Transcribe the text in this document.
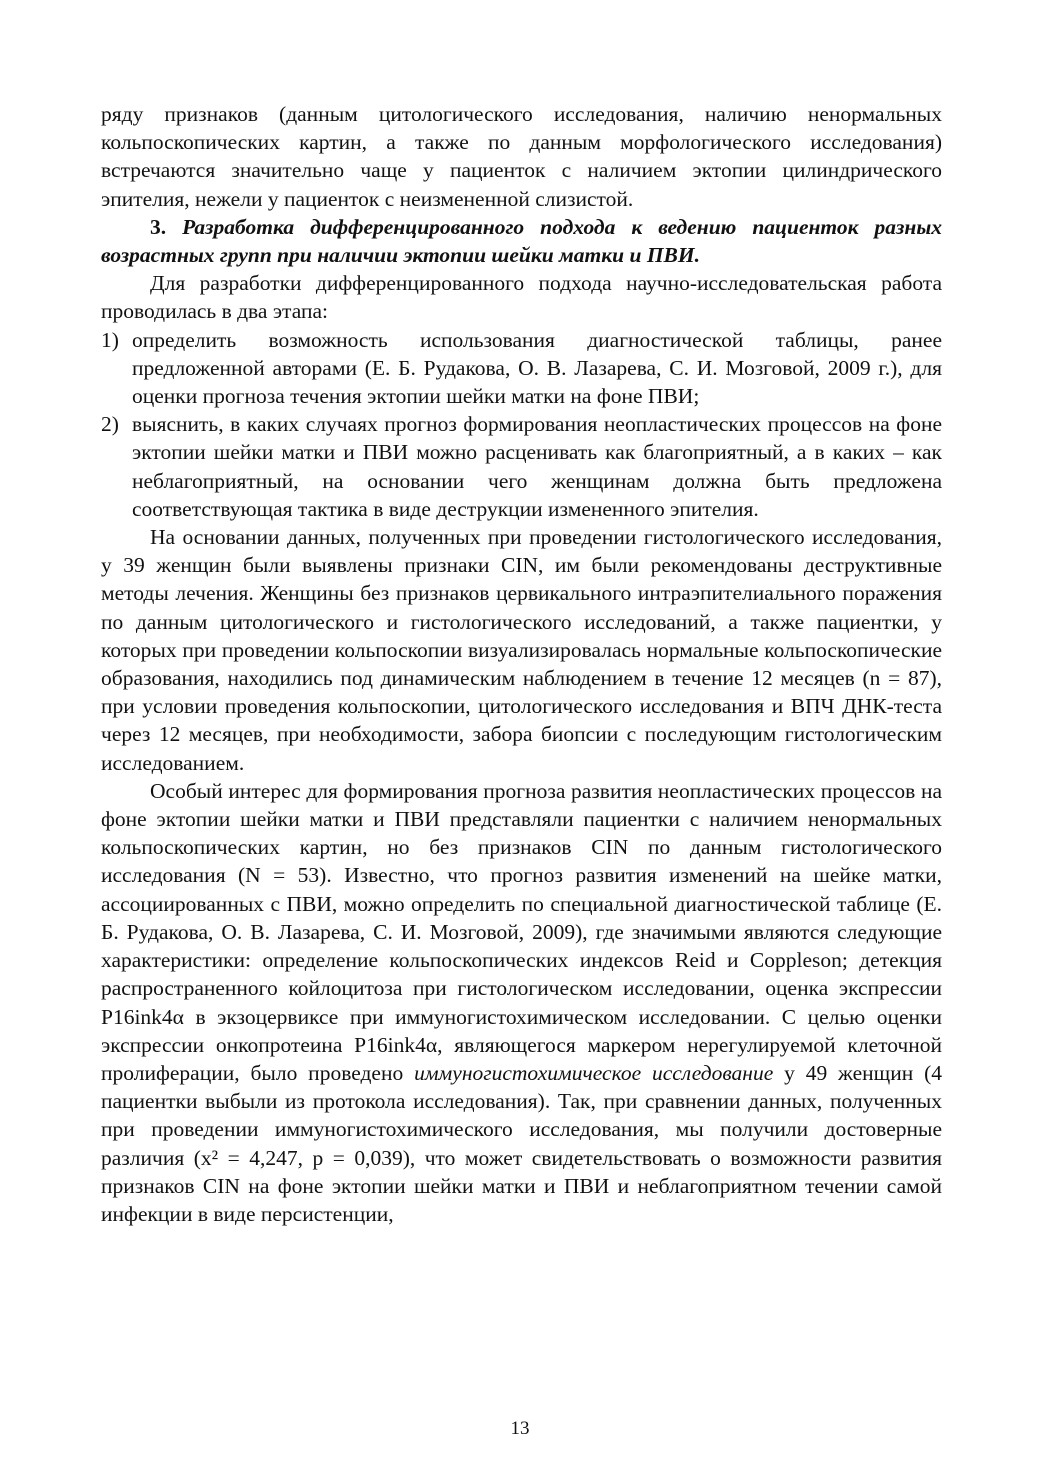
ряду признаков (данным цитологического исследования, наличию ненормальных кольпоскопических картин, а также по данным морфологического исследования) встречаются значительно чаще у пациенток с наличием эктопии цилиндрического эпителия, нежели у пациенток с неизмененной слизистой.

3. Разработка дифференцированного подхода к ведению пациенток разных возрастных групп при наличии эктопии шейки матки и ПВИ.

Для разработки дифференцированного подхода научно-исследовательская работа проводилась в два этапа:

1) определить возможность использования диагностической таблицы, ранее предложенной авторами (Е. Б. Рудакова, О. В. Лазарева, С. И. Мозговой, 2009 г.), для оценки прогноза течения эктопии шейки матки на фоне ПВИ;
2) выяснить, в каких случаях прогноз формирования неопластических процессов на фоне эктопии шейки матки и ПВИ можно расценивать как благоприятный, а в каких – как неблагоприятный, на основании чего женщинам должна быть предложена соответствующая тактика в виде деструкции измененного эпителия.

На основании данных, полученных при проведении гистологического исследования, у 39 женщин были выявлены признаки CIN, им были рекомендованы деструктивные методы лечения. Женщины без признаков цервикального интраэпителиального поражения по данным цитологического и гистологического исследований, а также пациентки, у которых при проведении кольпоскопии визуализировалась нормальные кольпоскопические образования, находились под динамическим наблюдением в течение 12 месяцев (n = 87), при условии проведения кольпоскопии, цитологического исследования и ВПЧ ДНК-теста через 12 месяцев, при необходимости, забора биопсии с последующим гистологическим исследованием.

Особый интерес для формирования прогноза развития неопластических процессов на фоне эктопии шейки матки и ПВИ представляли пациентки с наличием ненормальных кольпоскопических картин, но без признаков CIN по данным гистологического исследования (N = 53). Известно, что прогноз развития изменений на шейке матки, ассоциированных с ПВИ, можно определить по специальной диагностической таблице (Е. Б. Рудакова, О. В. Лазарева, С. И. Мозговой, 2009), где значимыми являются следующие характеристики: определение кольпоскопических индексов Reid и Coppleson; детекция распространенного койлоцитоза при гистологическом исследовании, оценка экспрессии P16ink4α в экзоцервиксе при иммуногистохимическом исследовании. С целью оценки экспрессии онкопротеина P16ink4α, являющегося маркером нерегулируемой клеточной пролиферации, было проведено иммуногистохимическое исследование у 49 женщин (4 пациентки выбыли из протокола исследования). Так, при сравнении данных, полученных при проведении иммуногистохимического исследования, мы получили достоверные различия (х² = 4,247, р = 0,039), что может свидетельствовать о возможности развития признаков CIN на фоне эктопии шейки матки и ПВИ и неблагоприятном течении самой инфекции в виде персистенции,

13
